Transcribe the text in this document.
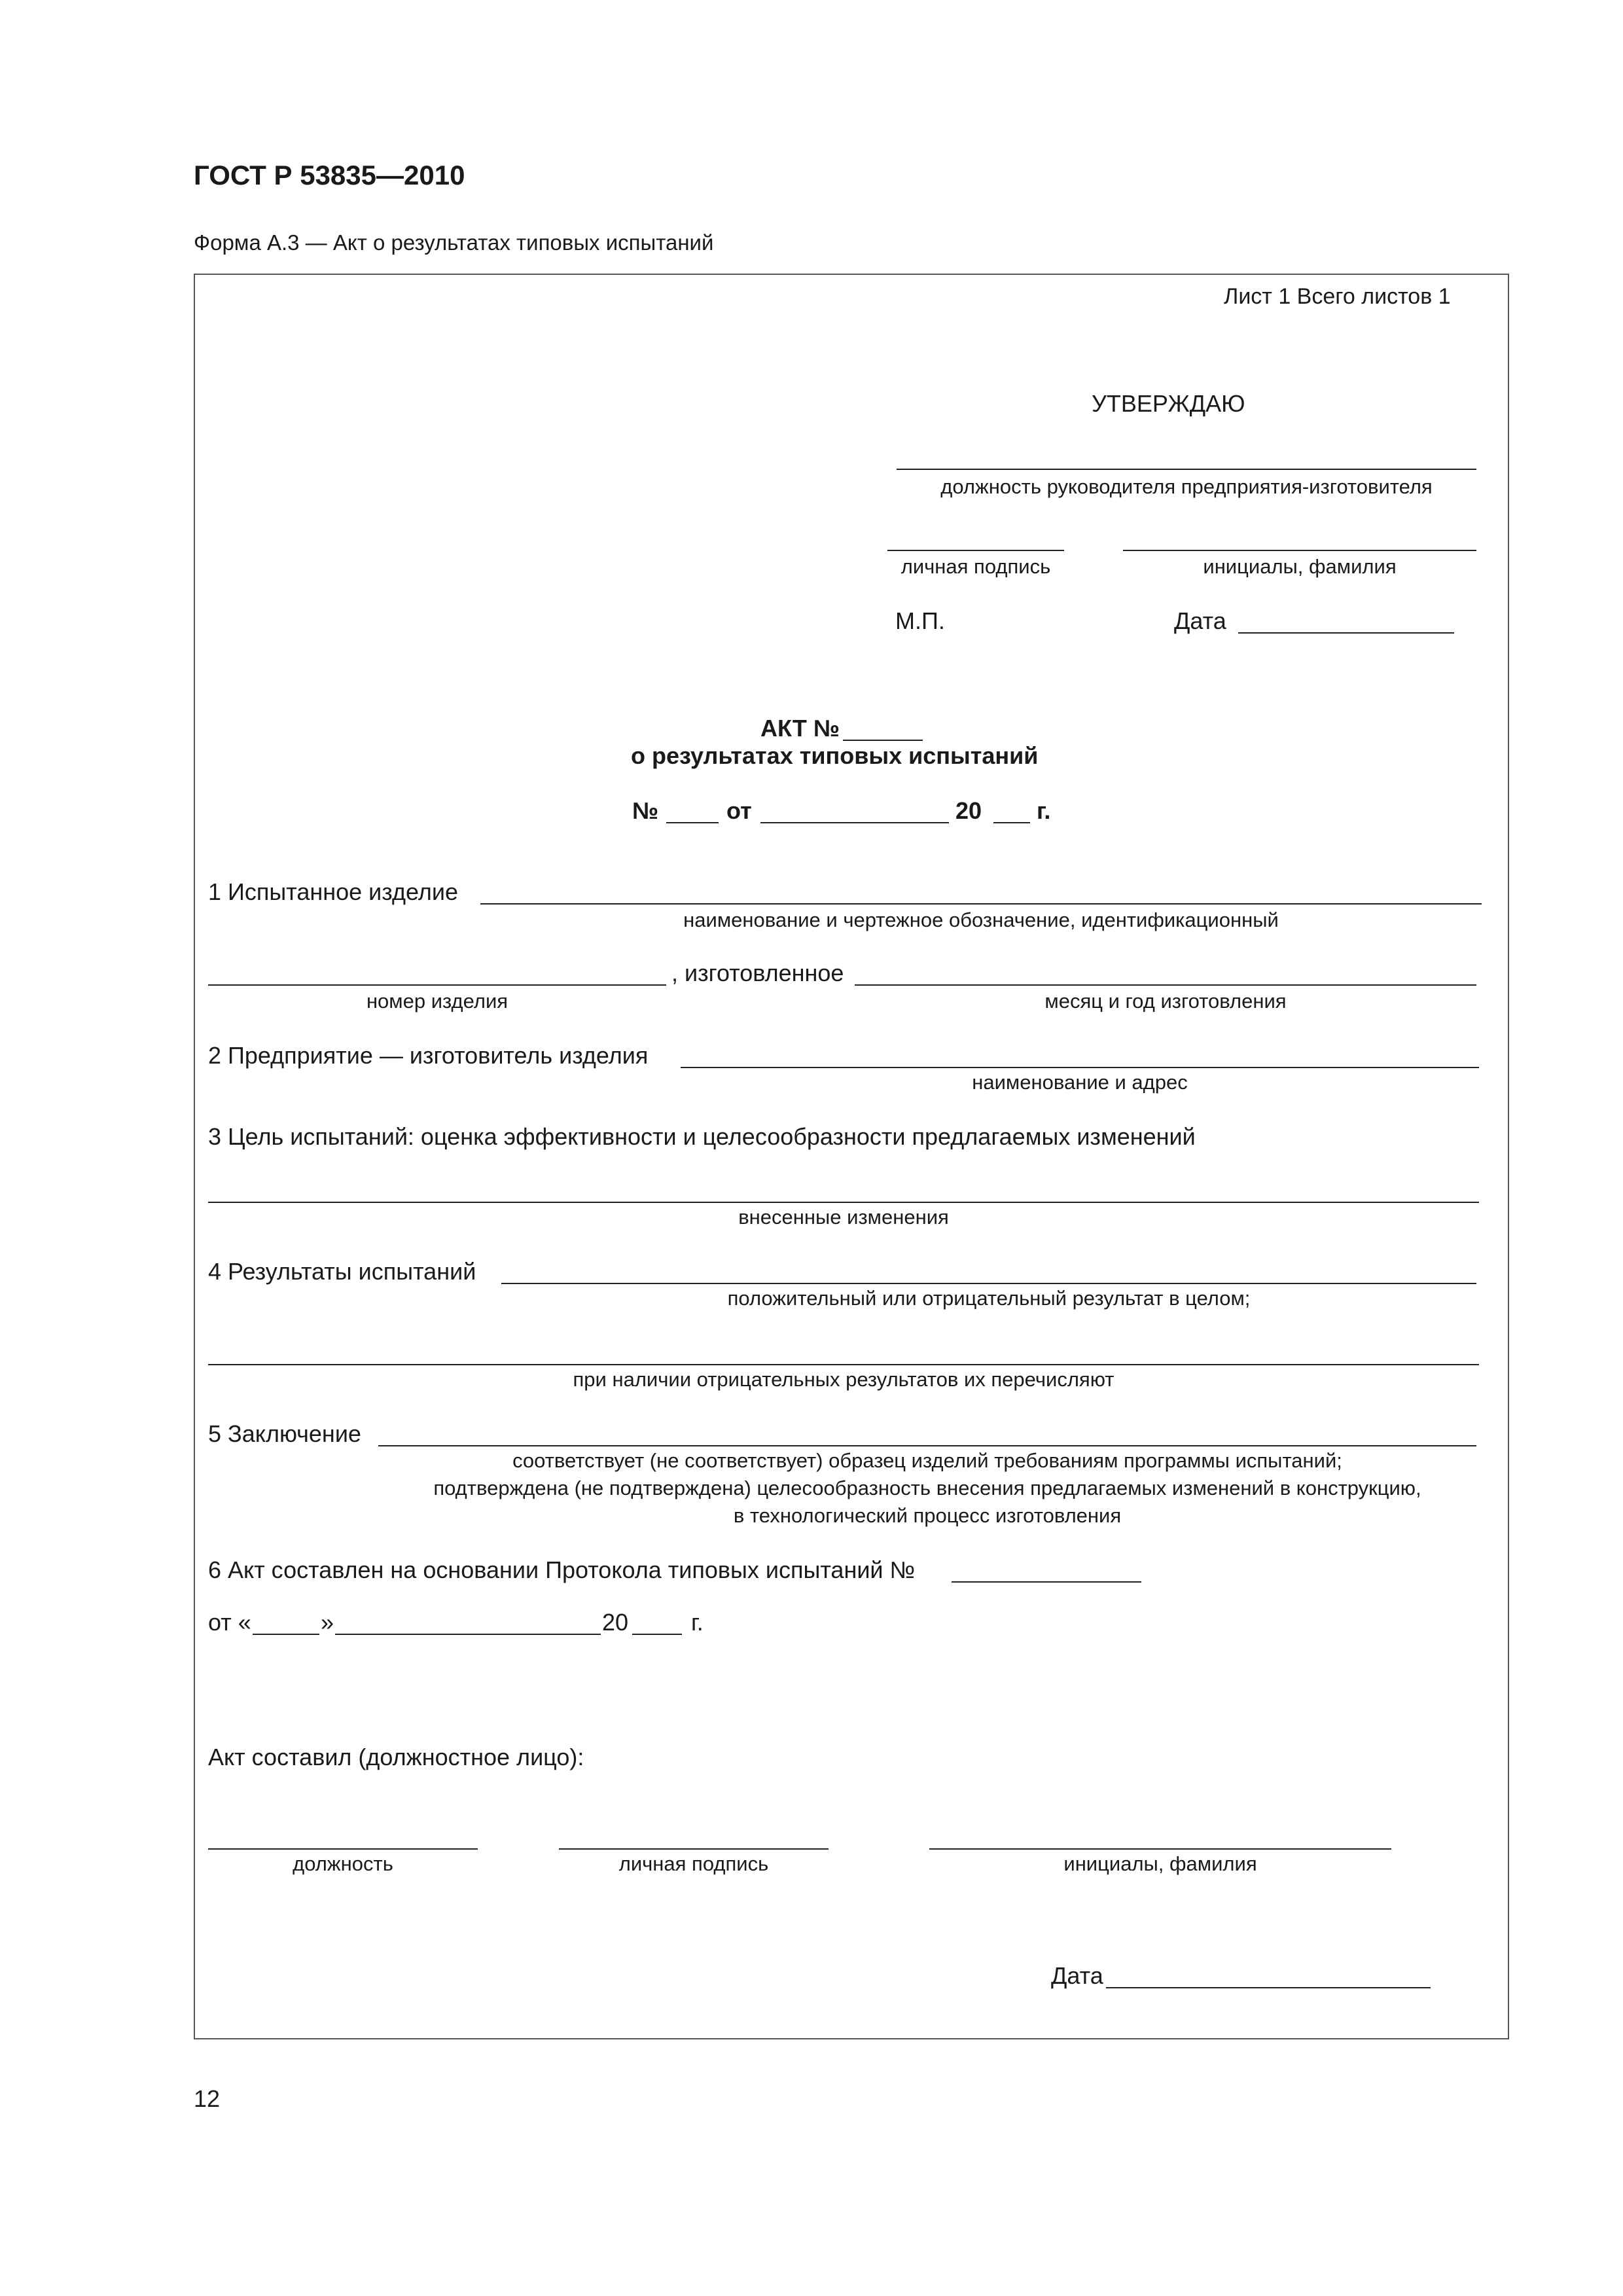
ГОСТ Р 53835—2010
Форма А.3 — Акт о результатах типовых испытаний
Лист 1 Всего листов 1
УТВЕРЖДАЮ
должность руководителя предприятия-изготовителя
личная подпись	инициалы, фамилия
М.П.	Дата
АКТ №
о результатах типовых испытаний
№	от	20 г.
1 Испытанное изделие
наименование и чертежное обозначение, идентификационный
, изготовленное
номер изделия	месяц и год изготовления
2 Предприятие — изготовитель изделия
наименование и адрес
3 Цель испытаний: оценка эффективности и целесообразности предлагаемых изменений
внесенные изменения
4 Результаты испытаний
положительный или отрицательный результат в целом;
при наличии отрицательных результатов их перечисляют
5 Заключение
соответствует (не соответствует) образец изделий требованиям программы испытаний;
подтверждена (не подтверждена) целесообразность внесения предлагаемых изменений в конструкцию,
в технологический процесс изготовления
6 Акт составлен на основании Протокола типовых испытаний №
от «	»	20	г.
Акт составил (должностное лицо):
должность	личная подпись	инициалы, фамилия
Дата
12
